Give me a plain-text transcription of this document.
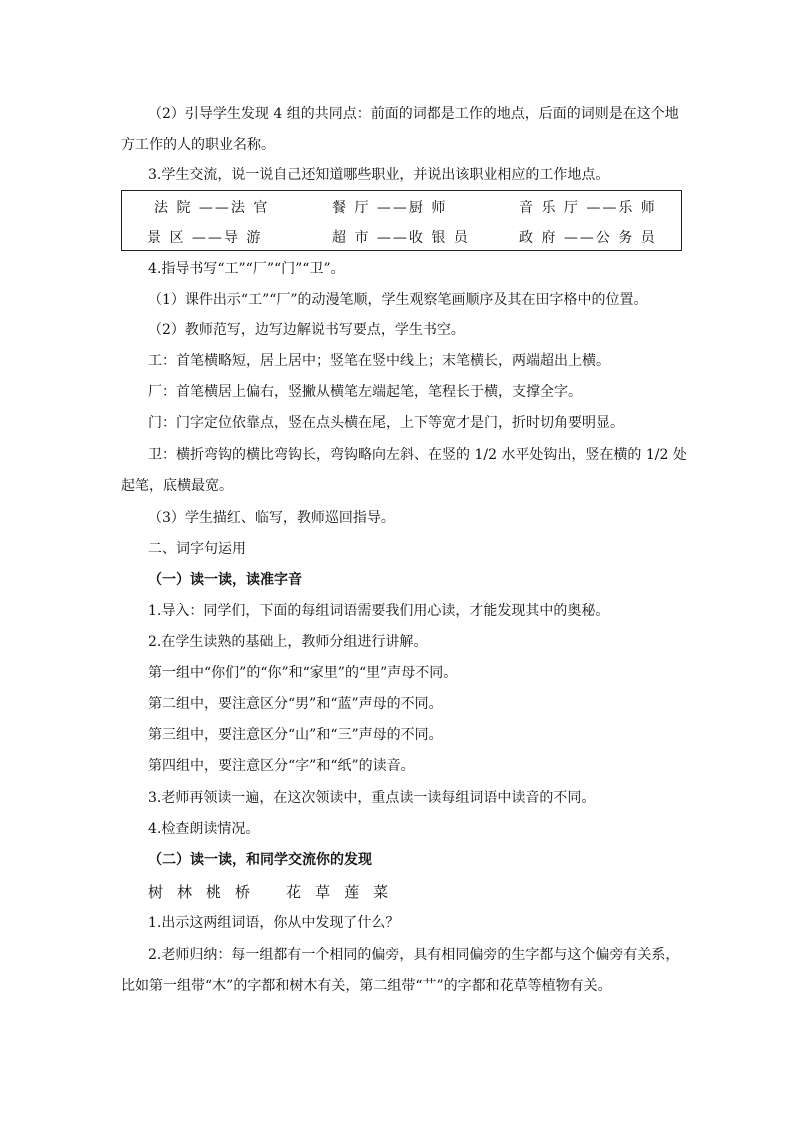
（2）引导学生发现 4 组的共同点：前面的词都是工作的地点，后面的词则是在这个地
方工作的人的职业名称。
3.学生交流，说一说自己还知道哪些职业，并说出该职业相应的工作地点。
法 院 ——法 官	餐 厅 ——厨 师	音 乐 厅 ——乐 师
景 区 ——导 游	超 市 ——收 银 员	政 府 ——公 务 员
4.指导书写“工”“厂”“门”“卫”。
（1）课件出示“工”“厂”的动漫笔顺，学生观察笔画顺序及其在田字格中的位置。
（2）教师范写，边写边解说书写要点，学生书空。
工：首笔横略短，居上居中；竖笔在竖中线上；末笔横长，两端超出上横。
厂：首笔横居上偏右，竖撇从横笔左端起笔，笔程长于横，支撑全字。
门：门字定位依靠点，竖在点头横在尾，上下等宽才是门，折时切角要明显。
卫：横折弯钩的横比弯钩长，弯钩略向左斜、在竖的 1/2 水平处钩出，竖在横的 1/2 处
起笔，底横最宽。
（3）学生描红、临写，教师巡回指导。
二、词字句运用
（一）读一读，读准字音
1.导入：同学们，下面的每组词语需要我们用心读，才能发现其中的奥秘。
2.在学生读熟的基础上，教师分组进行讲解。
第一组中“你们”的“你”和“家里”的“里”声母不同。
第二组中，要注意区分“男”和“蓝”声母的不同。
第三组中，要注意区分“山”和“三”声母的不同。
第四组中，要注意区分“字”和“纸”的读音。
3.老师再领读一遍，在这次领读中，重点读一读每组词语中读音的不同。
4.检查朗读情况。
（二）读一读，和同学交流你的发现
树 林 桃 桥 花 草 莲 菜
1.出示这两组词语，你从中发现了什么？
2.老师归纳：每一组都有一个相同的偏旁，具有相同偏旁的生字都与这个偏旁有关系，
比如第一组带“木”的字都和树木有关，第二组带“艹”的字都和花草等植物有关。
